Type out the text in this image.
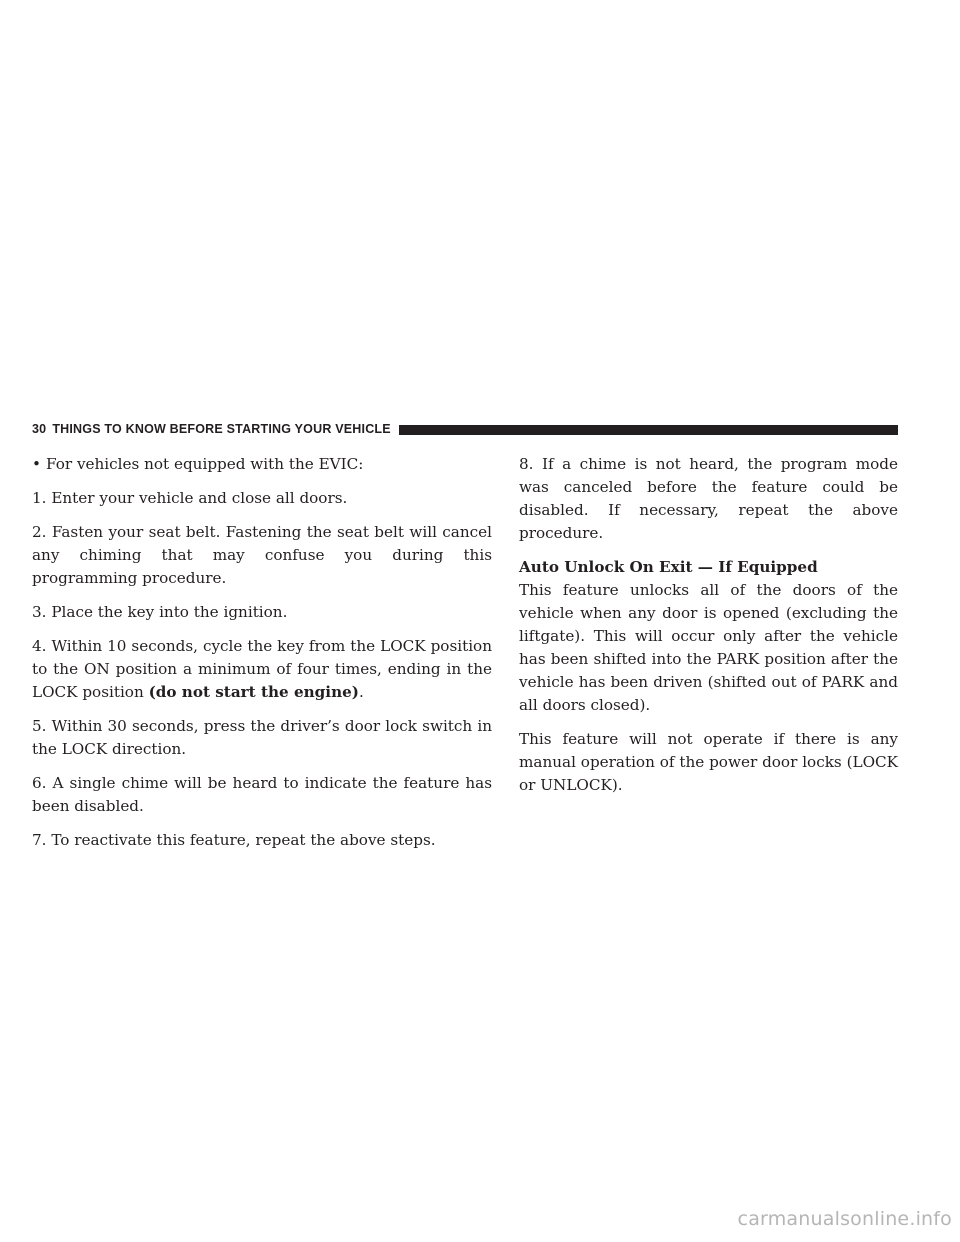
30 THINGS TO KNOW BEFORE STARTING YOUR VEHICLE
• For vehicles not equipped with the EVIC:

1. Enter your vehicle and close all doors.

2. Fasten your seat belt. Fastening the seat belt will cancel any chiming that may confuse you during this programming procedure.

3. Place the key into the ignition.

4. Within 10 seconds, cycle the key from the LOCK position to the ON position a minimum of four times, ending in the LOCK position (do not start the engine).

5. Within 30 seconds, press the driver’s door lock switch in the LOCK direction.

6. A single chime will be heard to indicate the feature has been disabled.

7. To reactivate this feature, repeat the above steps.

8. If a chime is not heard, the program mode was canceled before the feature could be disabled. If necessary, repeat the above procedure.

Auto Unlock On Exit — If Equipped

This feature unlocks all of the doors of the vehicle when any door is opened (excluding the liftgate). This will occur only after the vehicle has been shifted into the PARK position after the vehicle has been driven (shifted out of PARK and all doors closed).

This feature will not operate if there is any manual operation of the power door locks (LOCK or UNLOCK).

carmanualsonline.info
